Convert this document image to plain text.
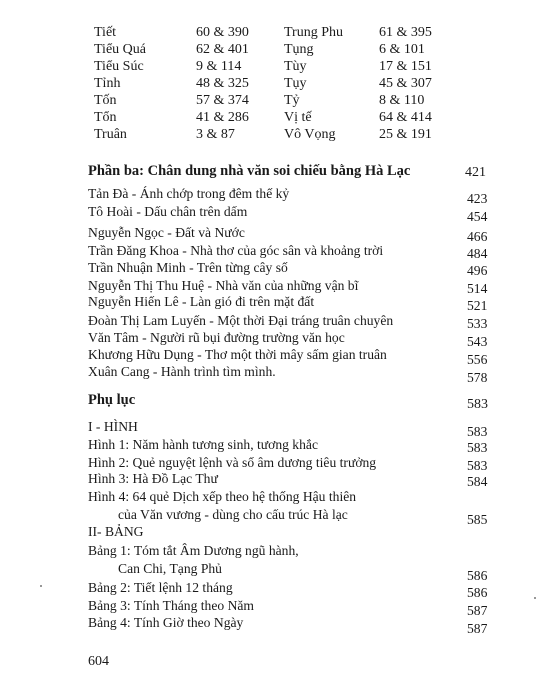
Tiết	60 & 390	Trung Phu	61 & 395
Tiểu Quá	62 & 401	Tụng	6 & 101
Tiểu Súc	9 & 114	Tùy	17 & 151
Tỉnh	48 & 325	Tụy	45 & 307
Tốn	57 & 374	Tỷ	8 & 110
Tổn	41 & 286	Vị tế	64 & 414
Truân	3 & 87	Vô Vọng	25 & 191
Phần ba: Chân dung nhà văn soi chiếu bằng Hà Lạc	421
Tản Đà - Ánh chớp trong đêm thế kỷ	423
Tô Hoài - Dấu chân trên dấm	454
Nguyễn Ngọc - Đất và Nước	466
Trần Đăng Khoa - Nhà thơ của góc sân và khoảng trời	484
Trần Nhuận Minh - Trên từng cây số	496
Nguyễn Thị Thu Huệ - Nhà văn của những vận bĩ	514
Nguyễn Hiến Lê - Làn gió đi trên mặt đất	521
Đoàn Thị Lam Luyến - Một thời Đại tráng truân chuyên	533
Văn Tâm - Người rũ bụi đường trường văn học	543
Khương Hữu Dụng - Thơ một thời mây sấm gian truân	556
Xuân Cang - Hành trình tìm mình.	578
Phụ lục	583
I - HÌNH	583
Hình 1: Năm hành tương sinh, tương khắc	583
Hình 2: Quẻ nguyệt lệnh và số âm dương tiêu trưởng	583
Hình 3: Hà Đồ Lạc Thư	584
Hình 4: 64 quẻ Dịch xếp theo hệ thống Hậu thiên
của Văn vương - dùng cho cấu trúc Hà lạc	585
II- BẢNG
Bảng 1: Tóm tắt Âm Dương ngũ hành,
Can Chi, Tạng Phủ	586
Bảng 2: Tiết lệnh 12 tháng	586
Bảng 3: Tính Tháng theo Năm	587
Bảng 4: Tính Giờ theo Ngày	587
604
